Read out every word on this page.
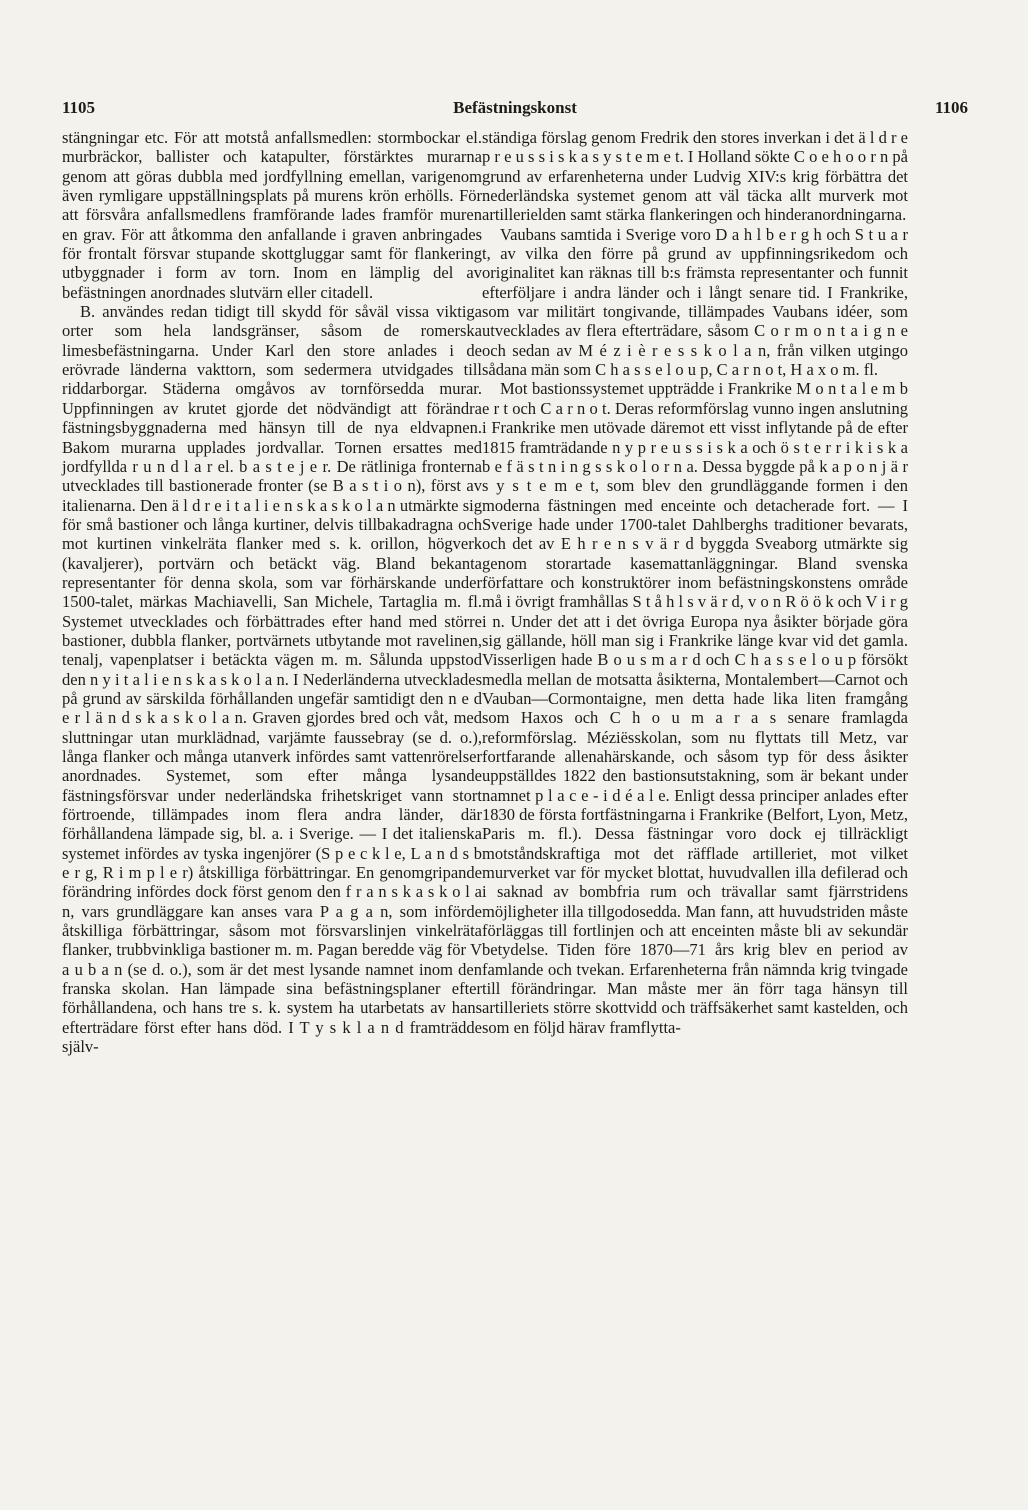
1105	Befästningskonst	1106

stängningar etc. För att motstå anfallsmedlen: stormbockar el. murbräckor, ballister och katapulter, förstärktes murarna genom att göras dubbla med jordfyllning emellan, varigenom även rymligare uppställningsplats på murens krön erhölls. För att försvåra anfallsmedlens framförande lades framför muren en grav. För att åtkomma den anfallande i graven anbringades för frontalt försvar stupande skottgluggar samt för flankering utbyggnader i form av torn. Inom en lämplig del av befästningen anordnades slutvärn eller citadell.

B. användes redan tidigt till skydd för såväl vissa viktiga orter som hela landsgränser, såsom de romerska limesbefästningarna. Under Karl den store anlades i de erövrade länderna vakttorn, som sedermera utvidgades till riddarborgar. Städerna omgåvos av tornförsedda murar. Uppfinningen av krutet gjorde det nödvändigt att förändra fästningsbyggnaderna med hänsyn till de nya eldvapnen. Bakom murarna upplades jordvallar. Tornen ersattes med jordfyllda r u n d l a r el. b a s t e j e r. De rätliniga fronterna utvecklades till bastionerade fronter (se B a s t i o n), först av italienarna. Den ä l d r e i t a l i e n s k a s k o l a n utmärkte sig för små bastioner och långa kurtiner, delvis tillbakadragna och mot kurtinen vinkelräta flanker med s. k. orillon, högverk (kavaljerer), portvärn och betäckt väg. Bland bekanta representanter för denna skola, som var förhärskande under 1500-talet, märkas Machiavelli, San Michele, Tartaglia m. fl. Systemet utvecklades och förbättrades efter hand med större bastioner, dubbla flanker, portvärnets utbytande mot ravelinen, tenalj, vapenplatser i betäckta vägen m. m. Sålunda uppstod den n y i t a l i e n s k a s k o l a n. I Nederländerna utvecklades på grund av särskilda förhållanden ungefär samtidigt den n e d e r l ä n d s k a s k o l a n. Graven gjordes bred och våt, med sluttningar utan murklädnad, varjämte faussebray (se d. o.), långa flanker och många utanverk infördes samt vattenrörelser anordnades. Systemet, som efter många lysande fästningsförsvar under nederländska frihetskriget vann stort förtroende, tillämpades inom flera andra länder, där förhållandena lämpade sig, bl. a. i Sverige. — I det italienska systemet infördes av tyska ingenjörer (S p e c k l e, L a n d s b e r g, R i m p l e r) åtskilliga förbättringar. En genomgripande förändring infördes dock först genom den f r a n s k a s k o l a n, vars grundläggare kan anses vara P a g a n, som införde åtskilliga förbättringar, såsom mot försvarslinjen vinkelräta flanker, trubbvinkliga bastioner m. m. Pagan beredde väg för V a u b a n (se d. o.), som är det mest lysande namnet inom den franska skolan. Han lämpade sina befästningsplaner efter förhållandena, och hans tre s. k. system ha utarbetats av hans efterträdare först efter hans död. I T y s k l a n d framträdde själv-

ständiga förslag genom Fredrik den stores inverkan i det ä l d r e p r e u s s i s k a s y s t e m e t. I Holland sökte C o e h o o r n på grund av erfarenheterna under Ludvig XIV:s krig förbättra det nederländska systemet genom att väl täcka allt murverk mot artillerielden samt stärka flankeringen och hinderanordningarna.

Vaubans samtida i Sverige voro D a h l b e r g h och S t u a r t, av vilka den förre på grund av uppfinningsrikedom och originalitet kan räknas till b:s främsta representanter och funnit efterföljare i andra länder och i långt senare tid. I Frankrike, som var militärt tongivande, tillämpades Vaubans idéer, som utvecklades av flera efterträdare, såsom C o r m o n t a i g n e och sedan av M é z i è r e s s k o l a n, från vilken utgingo sådana män som C h a s s e l o u p, C a r n o t, H a x o m. fl.

Mot bastionssystemet uppträdde i Frankrike M o n t a l e m b e r t och C a r n o t. Deras reformförslag vunno ingen anslutning i Frankrike men utövade däremot ett visst inflytande på de efter 1815 framträdande n y p r e u s s i s k a och ö s t e r r i k i s k a b e f ä s t n i n g s s k o l o r n a. Dessa byggde på k a p o n j ä r s y s t e m e t, som blev den grundläggande formen i den moderna fästningen med enceinte och detacherade fort. — I Sverige hade under 1700-talet Dahlberghs traditioner bevarats, och det av E h r e n s v ä r d byggda Sveaborg utmärkte sig genom storartade kasemattanläggningar. Bland svenska författare och konstruktörer inom befästningskonstens område må i övrigt framhållas S t å h l s v ä r d, v o n R ö ö k och V i r g i n. Under det att i det övriga Europa nya åsikter började göra sig gällande, höll man sig i Frankrike länge kvar vid det gamla. Visserligen hade B o u s m a r d och C h a s s e l o u p försökt medla mellan de motsatta åsikterna, Montalembert—Carnot och Vauban—Cormontaigne, men detta hade lika liten framgång som Haxos och C h o u m a r a s senare framlagda reformförslag. Méziësskolan, som nu flyttats till Metz, var fortfarande allenahärskande, och såsom typ för dess åsikter uppställdes 1822 den bastionsutstakning, som är bekant under namnet p l a c e - i d é a l e. Enligt dessa principer anlades efter 1830 de första fortfästningarna i Frankrike (Belfort, Lyon, Metz, Paris m. fl.). Dessa fästningar voro dock ej tillräckligt motståndskraftiga mot det räfflade artilleriet, mot vilket murverket var för mycket blottat, huvudvallen illa defilerad och i saknad av bombfria rum och trävallar samt fjärrstridens möjligheter illa tillgodosedda. Man fann, att huvudstriden måste förläggas till fortlinjen och att enceinten måste bli av sekundär betydelse. Tiden före 1870—71 års krig blev en period av famlande och tvekan. Erfarenheterna från nämnda krig tvingade till förändringar. Man måste mer än förr taga hänsyn till artilleriets större skottvidd och träffsäkerhet samt kastelden, och som en följd härav framflytta-
